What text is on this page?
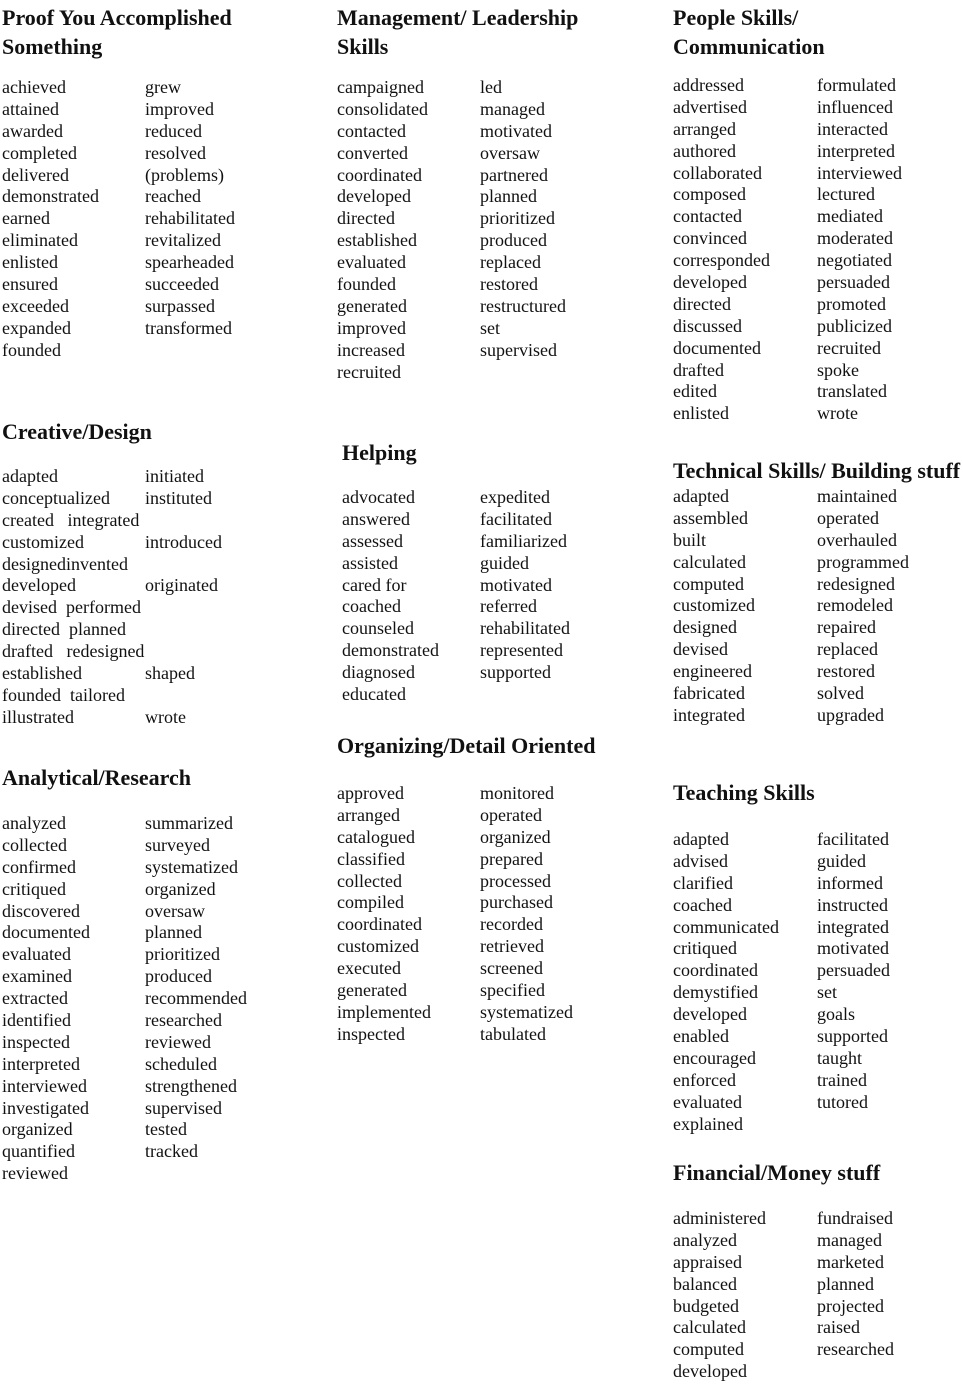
Proof You Accomplished Something
achieved
attained
awarded
completed
delivered
demonstrated
earned
eliminated
enlisted
ensured
exceeded
expanded
founded
grew
improved
reduced
resolved
(problems)
reached
rehabilitated
revitalized
spearheaded
succeeded
surpassed
transformed
Management/ Leadership Skills
campaigned
consolidated
contacted
converted
coordinated
developed
directed
established
evaluated
founded
generated
improved
increased
recruited
led
managed
motivated
oversaw
partnered
planned
prioritized
produced
replaced
restored
restructured
set
supervised
People Skills/ Communication
addressed
advertised
arranged
authored
collaborated
composed
contacted
convinced
corresponded
developed
directed
discussed
documented
drafted
edited
enlisted
formulated
influenced
interacted
interpreted
interviewed
lectured
mediated
moderated
negotiated
persuaded
promoted
publicized
recruited
spoke
translated
wrote
Creative/Design
adapted
conceptualized
created   integrated
customized
designedinvented
developed
devised  performed
directed  planned
drafted   redesigned
established
founded  tailored
illustrated
initiated
instituted
introduced
originated
shaped
wrote
Helping
advocated
answered
assessed
assisted
cared for
coached
counseled
demonstrated
diagnosed
educated
expedited
facilitated
familiarized
guided
motivated
referred
rehabilitated
represented
supported
Analytical/Research
analyzed
collected
confirmed
critiqued
discovered
documented
evaluated
examined
extracted
identified
inspected
interpreted
interviewed
investigated
organized
quantified
reviewed
summarized
surveyed
systematized
organized
oversaw
planned
prioritized
produced
recommended
researched
reviewed
scheduled
strengthened
supervised
tested
tracked
Organizing/Detail Oriented
approved
arranged
catalogued
classified
collected
compiled
coordinated
customized
executed
generated
implemented
inspected
monitored
operated
organized
prepared
processed
purchased
recorded
retrieved
screened
specified
systematized
tabulated
Technical Skills/ Building stuff
adapted
assembled
built
calculated
computed
customized
designed
devised
engineered
fabricated
integrated
maintained
operated
overhauled
programmed
redesigned
remodeled
repaired
replaced
restored
solved
upgraded
Teaching Skills
adapted
advised
clarified
coached
communicated
critiqued
coordinated
demystified
developed
enabled
encouraged
enforced
evaluated
explained
facilitated
guided
informed
instructed
integrated
motivated
persuaded
set
goals
supported
taught
trained
tutored
Financial/Money stuff
administered
analyzed
appraised
balanced
budgeted
calculated
computed
developed
fundraised
managed
marketed
planned
projected
raised
researched
